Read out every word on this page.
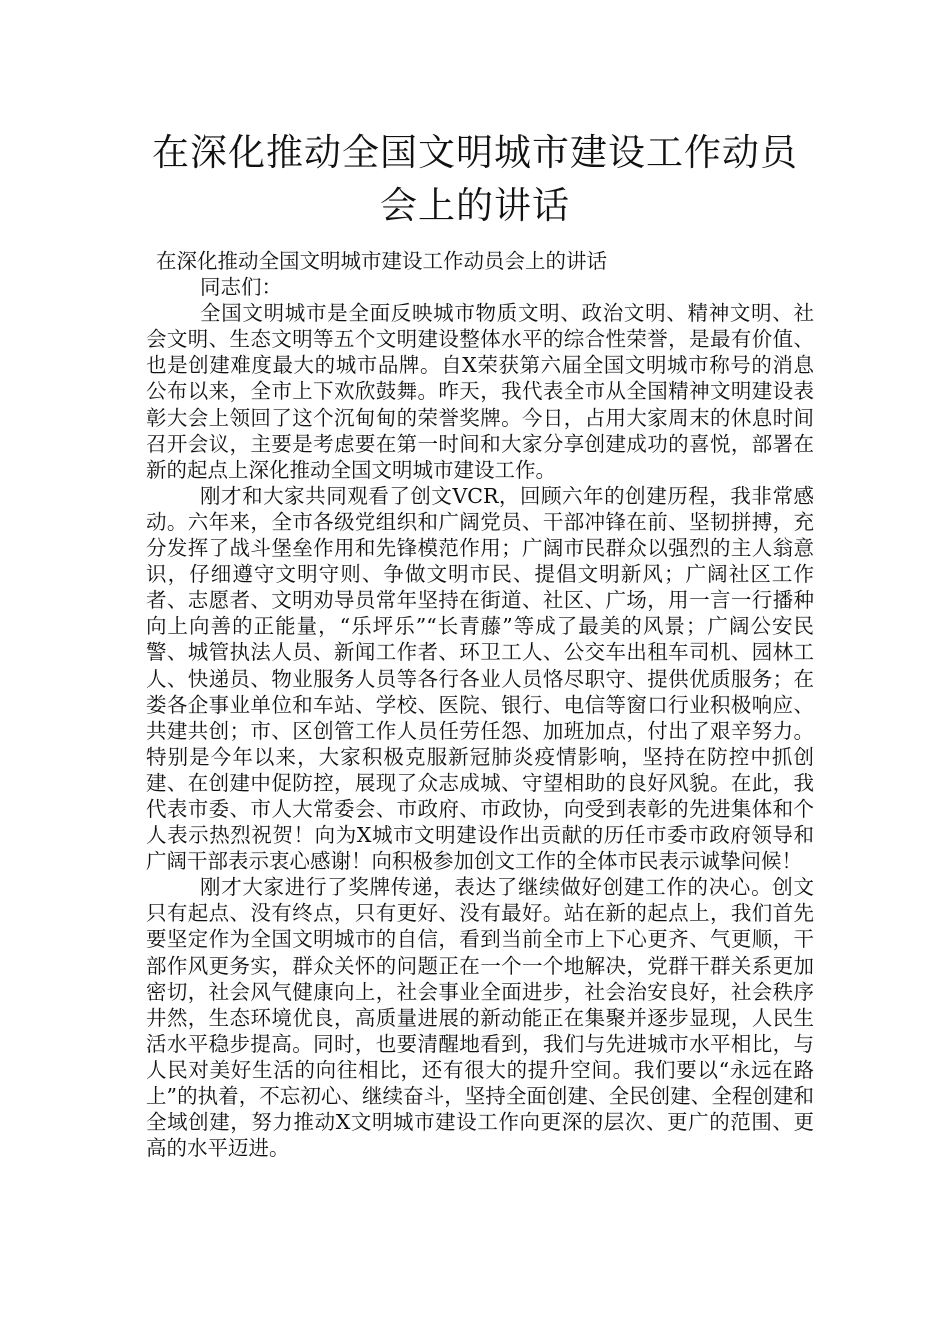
在深化推动全国文明城市建设工作动员会上的讲话

在深化推动全国文明城市建设工作动员会上的讲话

同志们：

全国文明城市是全面反映城市物质文明、政治文明、精神文明、社会文明、生态文明等五个文明建设整体水平的综合性荣誉，是最有价值、也是创建难度最大的城市品牌。自X荣获第六届全国文明城市称号的消息公布以来，全市上下欢欣鼓舞。昨天，我代表全市从全国精神文明建设表彰大会上领回了这个沉甸甸的荣誉奖牌。今日，占用大家周末的休息时间召开会议，主要是考虑要在第一时间和大家分享创建成功的喜悦，部署在新的起点上深化推动全国文明城市建设工作。

刚才和大家共同观看了创文VCR，回顾六年的创建历程，我非常感动。六年来，全市各级党组织和广阔党员、干部冲锋在前、坚韧拼搏，充分发挥了战斗堡垒作用和先锋模范作用；广阔市民群众以强烈的主人翁意识，仔细遵守文明守则、争做文明市民、提倡文明新风；广阔社区工作者、志愿者、文明劝导员常年坚持在街道、社区、广场，用一言一行播种向上向善的正能量，“乐坪乐”“长青藤”等成了最美的风景；广阔公安民警、城管执法人员、新闻工作者、环卫工人、公交车出租车司机、园林工人、快递员、物业服务人员等各行各业人员恪尽职守、提供优质服务；在娄各企事业单位和车站、学校、医院、银行、电信等窗口行业积极响应、共建共创；市、区创管工作人员任劳任怨、加班加点，付出了艰辛努力。特别是今年以来，大家积极克服新冠肺炎疫情影响，坚持在防控中抓创建、在创建中促防控，展现了众志成城、守望相助的良好风貌。在此，我代表市委、市人大常委会、市政府、市政协，向受到表彰的先进集体和个人表示热烈祝贺！向为X城市文明建设作出贡献的历任市委市政府领导和广阔干部表示衷心感谢！向积极参加创文工作的全体市民表示诚挚问候！

刚才大家进行了奖牌传递，表达了继续做好创建工作的决心。创文只有起点、没有终点，只有更好、没有最好。站在新的起点上，我们首先要坚定作为全国文明城市的自信，看到当前全市上下心更齐、气更顺，干部作风更务实，群众关怀的问题正在一个一个地解决，党群干群关系更加密切，社会风气健康向上，社会事业全面进步，社会治安良好，社会秩序井然，生态环境优良，高质量进展的新动能正在集聚并逐步显现，人民生活水平稳步提高。同时，也要清醒地看到，我们与先进城市水平相比，与人民对美好生活的向往相比，还有很大的提升空间。我们要以“永远在路上”的执着，不忘初心、继续奋斗，坚持全面创建、全民创建、全程创建和全域创建，努力推动X文明城市建设工作向更深的层次、更广的范围、更高的水平迈进。
